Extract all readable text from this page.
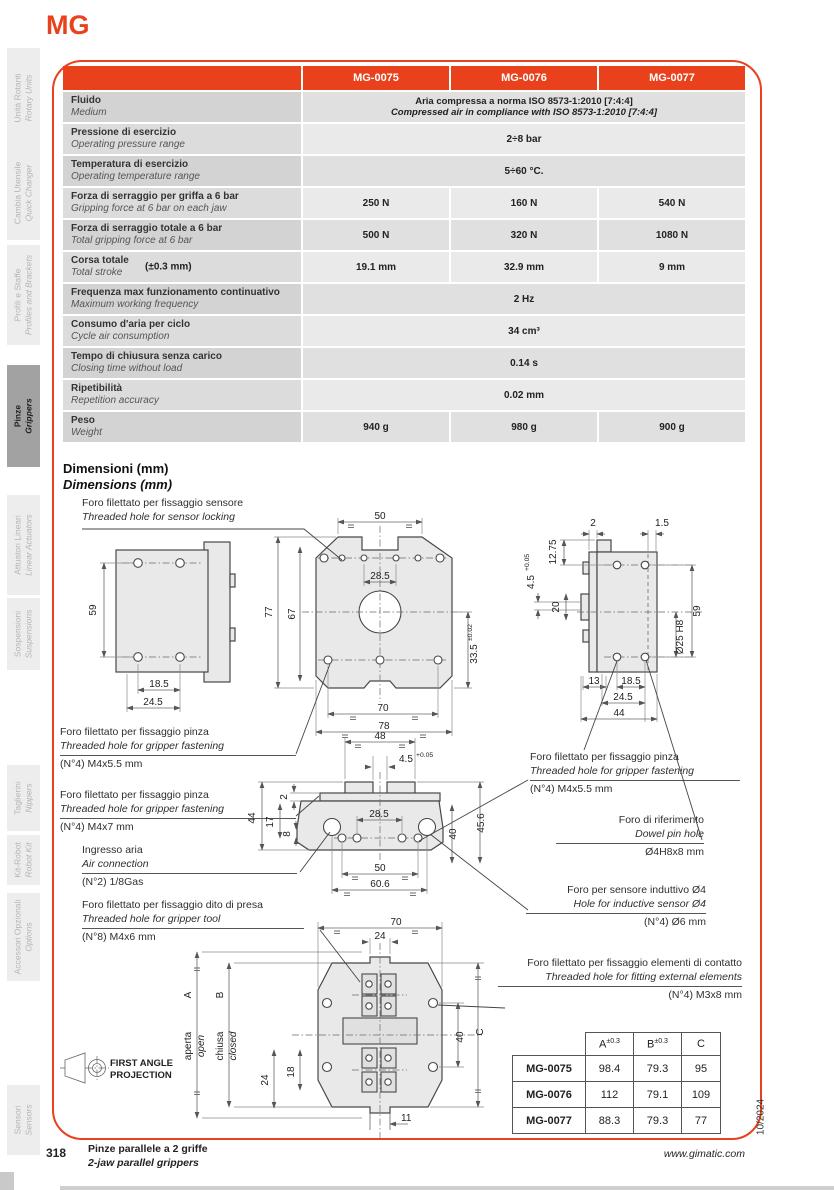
Unità Rotanti Rotary Units
Cambia Utensile Quick Changer
Profili e Staffe Profiles and Brackets
Pinze Grippers
Attuatori Lineari Linear Actuators
Sospensioni Suspensions
Taglierini Nippers
Kit-Robot Robot Kit
Accessori Opzionali Options
Sensori Sensors
MG
MG-0075	MG-0076	MG-0077
Fluido
Medium
Aria compressa a norma ISO 8573-1:2010 [7:4:4]
Compressed air in compliance with ISO 8573-1:2010 [7:4:4]
Pressione di esercizio
Operating pressure range	2÷8 bar
Temperatura di esercizio
Operating temperature range	5÷60 °C.
Forza di serraggio per griffa a 6 bar
Gripping force at 6 bar on each jaw	250 N	160 N	540 N
Forza di serraggio totale a 6 bar
Total gripping force at 6 bar	500 N	320 N	1080 N
Corsa totale
Total stroke	(±0.3 mm)	19.1 mm	32.9 mm	9 mm
Frequenza max funzionamento continuativo
Maximum working frequency	2 Hz
Consumo d'aria per ciclo
Cycle air consumption	34 cm³
Tempo di chiusura senza carico
Closing time without load	0.14 s
Ripetibilità
Repetition accuracy	0.02 mm
Peso
Weight	940 g	980 g	900 g
Dimensioni (mm)
Dimensions (mm)
Foro filettato per fissaggio sensore
Threaded hole for sensor locking
Foro filettato per fissaggio pinza
Threaded hole for gripper fastening
(N°4) M4x5.5 mm
Foro filettato per fissaggio pinza
Threaded hole for gripper fastening
(N°4) M4x7 mm
Ingresso aria
Air connection
(N°2) 1/8Gas
Foro filettato per fissaggio dito di presa
Threaded hole for gripper tool
(N°8) M4x6 mm
Foro filettato per fissaggio pinza
Threaded hole for gripper fastening
(N°4) M4x5.5 mm
Foro di riferimento
Dowel pin hole
Ø4H8x8 mm
Foro per sensore induttivo Ø4
Hole for inductive sensor Ø4
(N°4) Ø6 mm
Foro filettato per fissaggio elementi di contatto
Threaded hole for fitting external elements
(N°4) M3x8 mm
59
18.5
24.5
50
28.5
77 67
70
78
33.5
±0.02
2	1.5
12.75
4.5
+0.05
20	59
Ø25 H8
13 18.5
24.5
44
48
4.5 +0.05
2
44 17
8
28.5
50
60.6
40
45.6
11
70
24
A
aperta open
B
chiusa closed
24
18
40 C
FIRST ANGLE
PROJECTION
	$A^{\pm 0.3}$	$B^{\pm 0.3}$	C
MG-0075	98.4	79.3	95
MG-0076	112	79.1	109
MG-0077	88.3	79.3	77
318 Pinze parallele a 2 griffe
2-jaw parallel grippers
www.gimatic.com
10/2024
